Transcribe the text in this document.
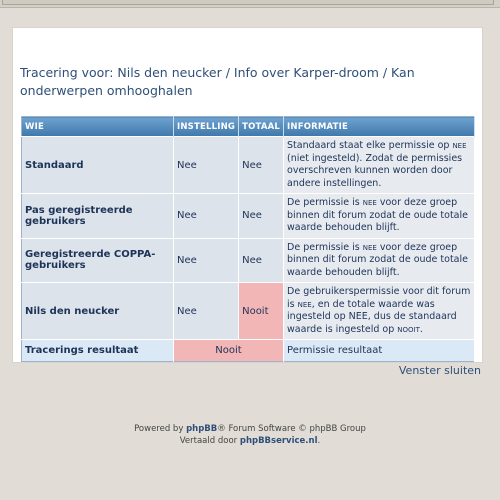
Tracering voor: Nils den neucker / Info over Karper-droom / Kan onderwerpen omhooghalen
WIE	INSTELLING	TOTAAL	INFORMATIE
Standaard	Nee	Nee	Standaard staat elke permissie op NEE (niet ingesteld). Zodat de permissies overschreven kunnen worden door andere instellingen.
Pas geregistreerde gebruikers	Nee	Nee	De permissie is NEE voor deze groep binnen dit forum zodat de oude totale waarde behouden blijft.
Geregistreerde COPPA-gebruikers	Nee	Nee	De permissie is NEE voor deze groep binnen dit forum zodat de oude totale waarde behouden blijft.
Nils den neucker	Nee	Nooit	De gebruikerspermissie voor dit forum is NEE, en de totale waarde was ingesteld op NEE, dus de standaard waarde is ingesteld op NOOIT.
Tracerings resultaat	Nooit		Permissie resultaat
Venster sluiten
Powered by phpBB® Forum Software © phpBB Group
Vertaald door phpBBservice.nl.
